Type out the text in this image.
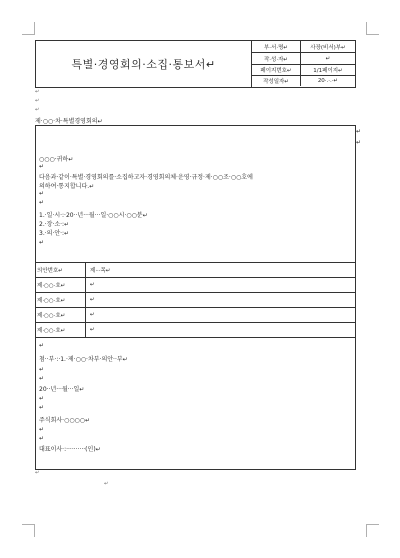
특별·경영회의·소집·통보서↵
부·서·명↵	사장(비서)부↵
작·성·자↵	↵
페이지번호↵	1/1페이지↵
작성일자↵	20·.·.·↵
↵
↵
↵
제·○○·차·특별경영회의↵
↵
↵
○○○·귀하↵
↵
다음과·같이·특별·경영회의를·소집하고자·경영회의체·운영·규정·제·○○조·○○호에
의하여·통지합니다.↵
↵
↵
1.·일·시·:·20··년···월···일·○○시·○○분↵
2.·장·소·:↵
3.·의·안·:↵
↵
의안번호↵	제···목↵
제·○○·호↵	↵
제·○○·호↵	↵
제·○○·호↵	↵
제·○○·호↵	↵
↵
첨··부·:·1.·제·○○·차부·의안··부↵
↵
↵
20··년···월···일↵
↵
↵
주식회사·○○○○↵
↵
↵
대표이사·:··········(인)↵
↵
↵
